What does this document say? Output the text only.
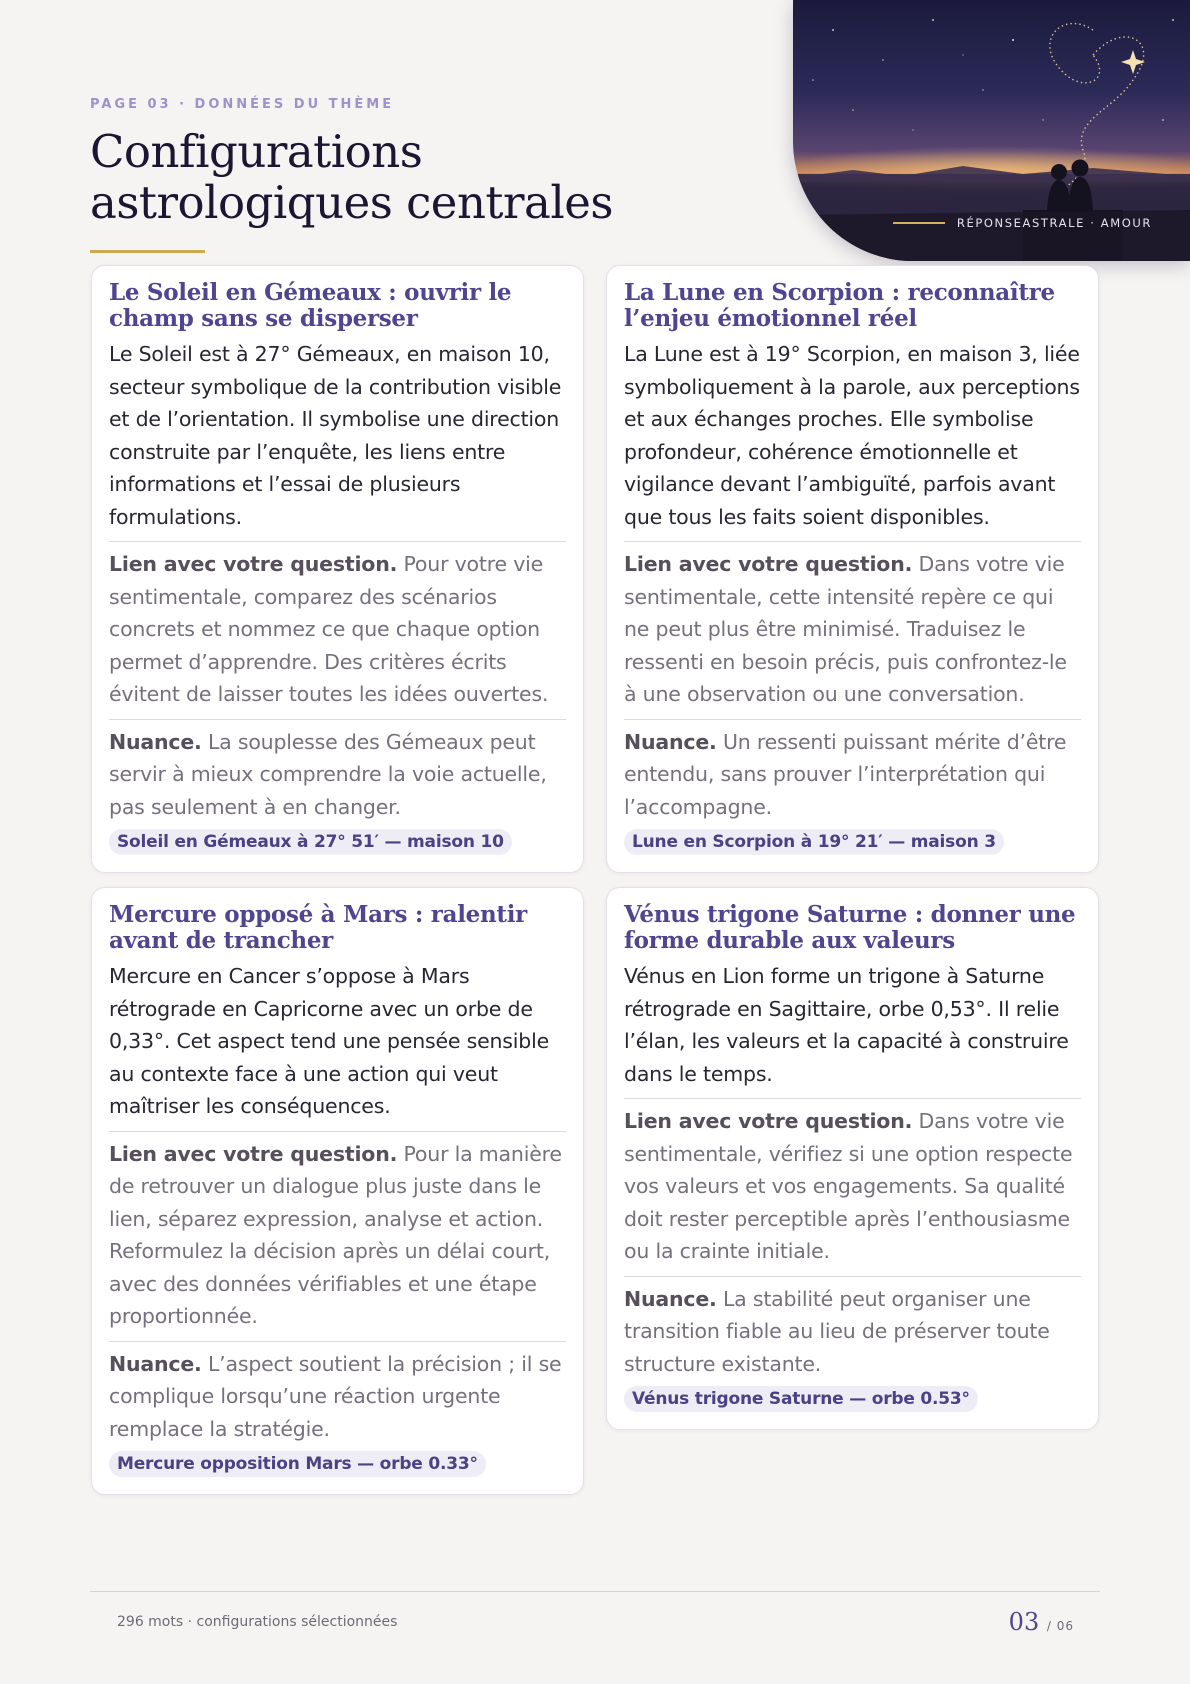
RÉPONSEASTRALE · AMOUR
PAGE 03 · DONNÉES DU THÈME
Configurations astrologiques centrales
Le Soleil en Gémeaux : ouvrir le champ sans se disperser

Le Soleil est à 27° Gémeaux, en maison 10, secteur symbolique de la contribution visible et de l’orientation. Il symbolise une direction construite par l’enquête, les liens entre informations et l’essai de plusieurs formulations.

Lien avec votre question. Pour votre vie sentimentale, comparez des scénarios concrets et nommez ce que chaque option permet d’apprendre. Des critères écrits évitent de laisser toutes les idées ouvertes.

Nuance. La souplesse des Gémeaux peut servir à mieux comprendre la voie actuelle, pas seulement à en changer.

Soleil en Gémeaux à 27° 51′ — maison 10
La Lune en Scorpion : reconnaître l’enjeu émotionnel réel

La Lune est à 19° Scorpion, en maison 3, liée symboliquement à la parole, aux perceptions et aux échanges proches. Elle symbolise profondeur, cohérence émotionnelle et vigilance devant l’ambiguïté, parfois avant que tous les faits soient disponibles.

Lien avec votre question. Dans votre vie sentimentale, cette intensité repère ce qui ne peut plus être minimisé. Traduisez le ressenti en besoin précis, puis confrontez-le à une observation ou une conversation.

Nuance. Un ressenti puissant mérite d’être entendu, sans prouver l’interprétation qui l’accompagne.

Lune en Scorpion à 19° 21′ — maison 3
Mercure opposé à Mars : ralentir avant de trancher

Mercure en Cancer s’oppose à Mars rétrograde en Capricorne avec un orbe de 0,33°. Cet aspect tend une pensée sensible au contexte face à une action qui veut maîtriser les conséquences.

Lien avec votre question. Pour la manière de retrouver un dialogue plus juste dans le lien, séparez expression, analyse et action. Reformulez la décision après un délai court, avec des données vérifiables et une étape proportionnée.

Nuance. L’aspect soutient la précision ; il se complique lorsqu’une réaction urgente remplace la stratégie.

Mercure opposition Mars — orbe 0.33°
Vénus trigone Saturne : donner une forme durable aux valeurs

Vénus en Lion forme un trigone à Saturne rétrograde en Sagittaire, orbe 0,53°. Il relie l’élan, les valeurs et la capacité à construire dans le temps.

Lien avec votre question. Dans votre vie sentimentale, vérifiez si une option respecte vos valeurs et vos engagements. Sa qualité doit rester perceptible après l’enthousiasme ou la crainte initiale.

Nuance. La stabilité peut organiser une transition fiable au lieu de préserver toute structure existante.

Vénus trigone Saturne — orbe 0.53°
296 mots · configurations sélectionnées	03 / 06
